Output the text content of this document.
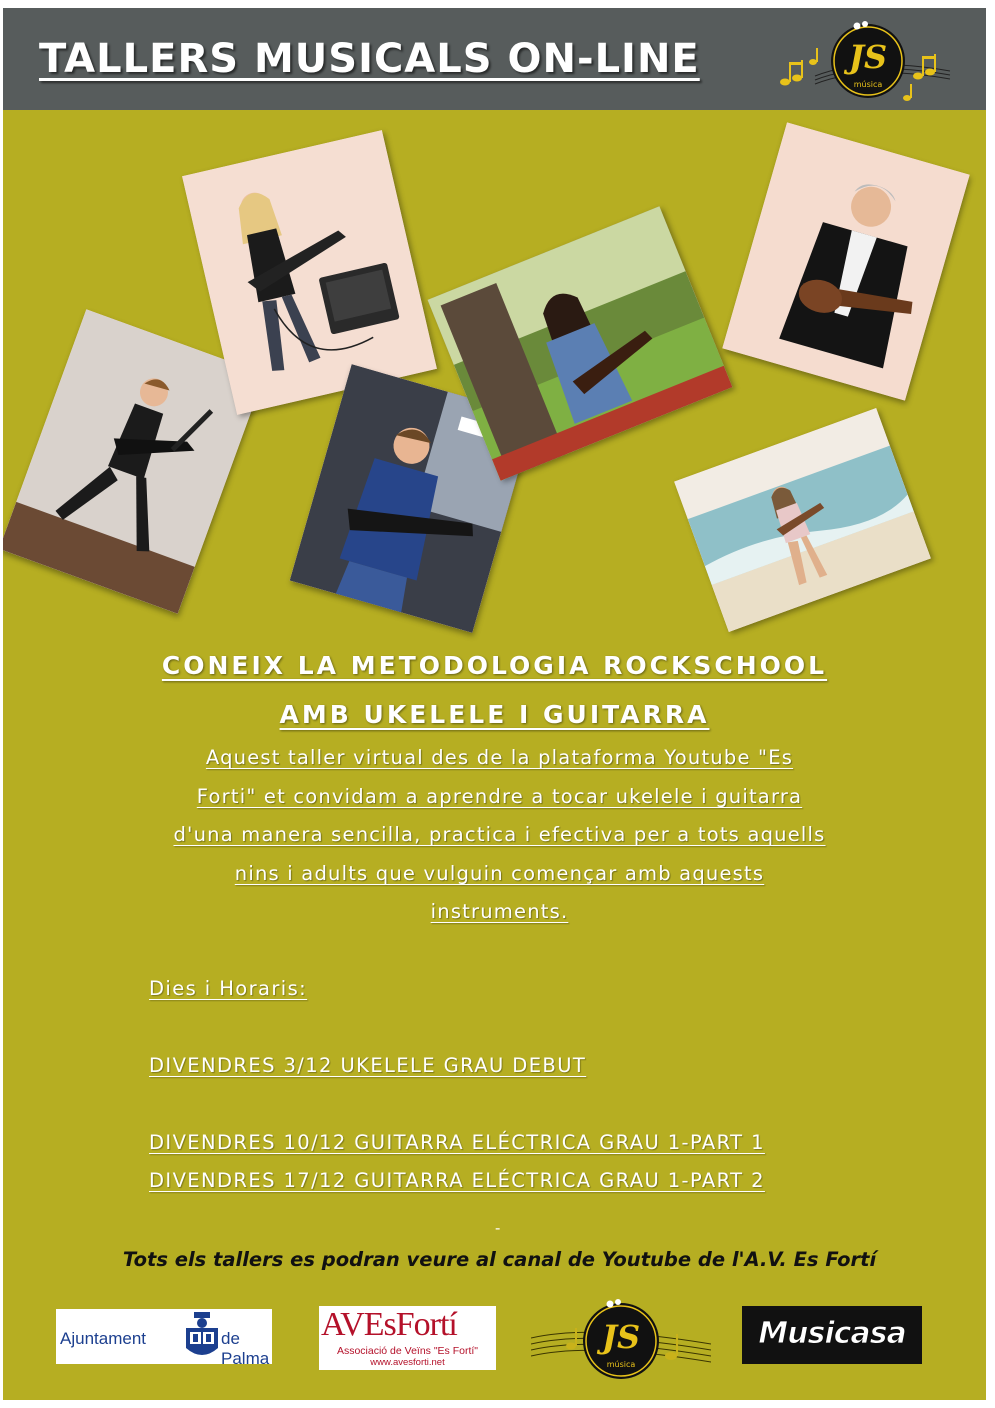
TALLERS MUSICALS ON-LINE	JS
música
CONEIX LA METODOLOGIA ROCKSCHOOL
AMB UKELELE I GUITARRA
Aquest taller virtual des de la plataforma Youtube "Es
Forti" et convidam a aprendre a tocar ukelele i guitarra
d'una manera sencilla, practica i efectiva per a tots aquells
nins i adults que vulguin començar amb aquests
instruments.
Dies i Horaris:
DIVENDRES 3/12 UKELELE GRAU DEBUT
DIVENDRES 10/12 GUITARRA ELÉCTRICA GRAU 1-PART 1
DIVENDRES 17/12 GUITARRA ELÉCTRICA GRAU 1-PART 2
-
Tots els tallers es podran veure al canal de Youtube de l'A.V. Es Fortí
Ajuntament	de Palma
AVEsFortí
Associació de Veïns "Es Fortí"
www.avesforti.net
JS
música
Musicasa
